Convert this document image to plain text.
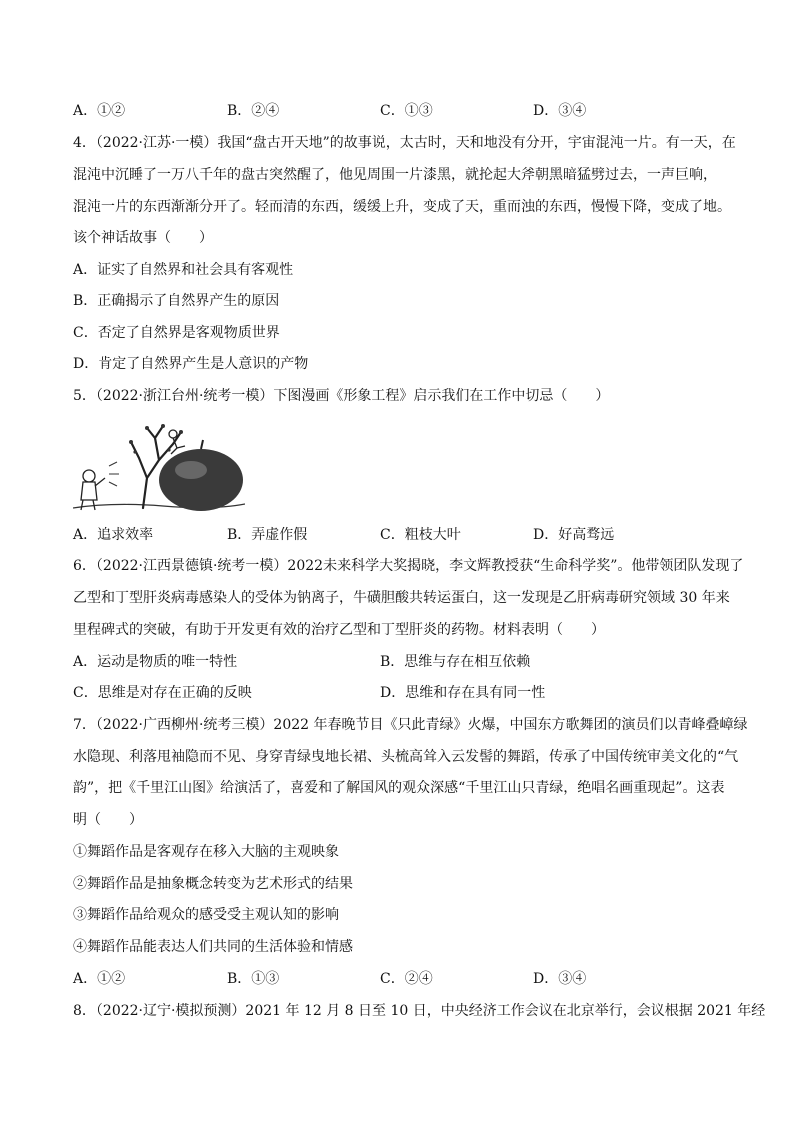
A．①②	B．②④	C．①③	D．③④
4．（2022·江苏·一模）我国“盘古开天地”的故事说，太古时，天和地没有分开，宇宙混沌一片。有一天，在
混沌中沉睡了一万八千年的盘古突然醒了，他见周围一片漆黑，就抡起大斧朝黑暗猛劈过去，一声巨响，
混沌一片的东西渐渐分开了。轻而清的东西，缓缓上升，变成了天，重而浊的东西，慢慢下降，变成了地。
该个神话故事（　　）
A．证实了自然界和社会具有客观性
B．正确揭示了自然界产生的原因
C．否定了自然界是客观物质世界
D．肯定了自然界产生是人意识的产物
5．（2022·浙江台州·统考一模）下图漫画《形象工程》启示我们在工作中切忌（　　）
A．追求效率	B．弄虚作假	C．粗枝大叶	D．好高骛远
6．（2022·江西景德镇·统考一模）2022未来科学大奖揭晓，李文辉教授获“生命科学奖”。他带领团队发现了
乙型和丁型肝炎病毒感染人的受体为钠离子，牛磺胆酸共转运蛋白，这一发现是乙肝病毒研究领域 30 年来
里程碑式的突破，有助于开发更有效的治疗乙型和丁型肝炎的药物。材料表明（　　）
A．运动是物质的唯一特性	B．思维与存在相互依赖
C．思维是对存在正确的反映	D．思维和存在具有同一性
7．（2022·广西柳州·统考三模）2022 年春晚节目《只此青绿》火爆，中国东方歌舞团的演员们以青峰叠嶂绿
水隐现、利落甩袖隐而不见、身穿青绿曳地长裙、头梳高耸入云发髻的舞蹈，传承了中国传统审美文化的“气
韵”，把《千里江山图》给演活了，喜爱和了解国风的观众深感“千里江山只青绿，绝唱名画重现起”。这表
明（　　）
①舞蹈作品是客观存在移入大脑的主观映象
②舞蹈作品是抽象概念转变为艺术形式的结果
③舞蹈作品给观众的感受受主观认知的影响
④舞蹈作品能表达人们共同的生活体验和情感
A．①②	B．①③	C．②④	D．③④
8．（2022·辽宁·模拟预测）2021 年 12 月 8 日至 10 日，中央经济工作会议在北京举行，会议根据 2021 年经
